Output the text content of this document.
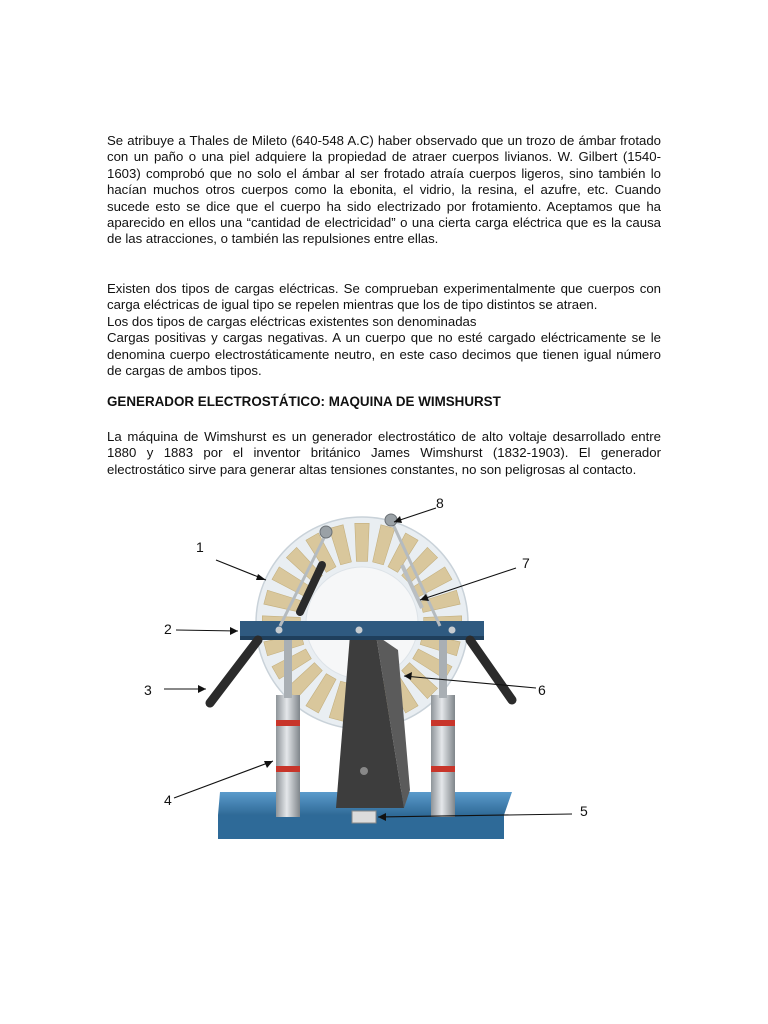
Se atribuye a Thales de Mileto (640-548 A.C) haber observado que un trozo de ámbar frotado con un paño o una piel adquiere la propiedad de atraer cuerpos livianos. W. Gilbert (1540-1603) comprobó que no solo el ámbar al ser frotado atraía cuerpos ligeros, sino también lo hacían muchos otros cuerpos como la ebonita, el vidrio, la resina, el azufre, etc. Cuando sucede esto se dice que el cuerpo ha sido electrizado por frotamiento. Aceptamos que ha aparecido en ellos una “cantidad de electricidad” o una cierta carga eléctrica que es la causa de las atracciones, o también las repulsiones entre ellas.

Existen dos tipos de cargas eléctricas. Se comprueban experimentalmente que cuerpos con carga eléctricas de igual tipo se repelen mientras que los de tipo distintos se atraen.

Los dos tipos de cargas eléctricas existentes son denominadas

Cargas positivas y cargas negativas. A un cuerpo que no esté cargado eléctricamente se le denomina cuerpo electrostáticamente neutro, en este caso decimos que tienen igual número de cargas de ambos tipos.

GENERADOR ELECTROSTÁTICO: MAQUINA DE WIMSHURST

La máquina de Wimshurst es un generador electrostático de alto voltaje desarrollado entre 1880 y 1883 por el inventor británico James Wimshurst (1832-1903). El generador electrostático sirve para generar altas tensiones constantes, no son peligrosas al contacto.

1
2
3
4
5
6
7
8
